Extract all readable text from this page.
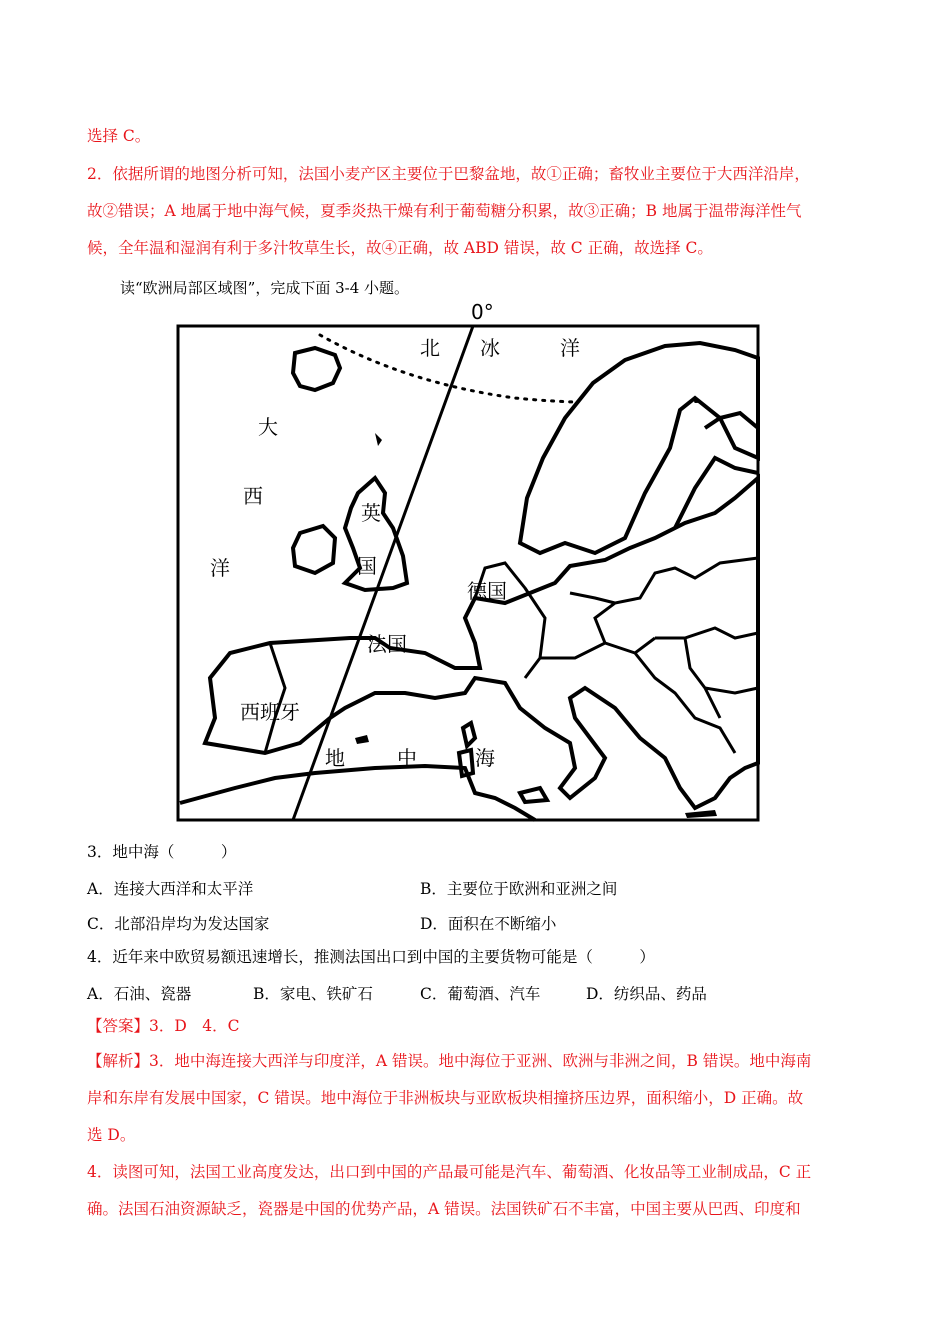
选择 C。
2．依据所谓的地图分析可知，法国小麦产区主要位于巴黎盆地，故①正确；畜牧业主要位于大西洋沿岸，
故②错误；A 地属于地中海气候，夏季炎热干燥有利于葡萄糖分积累，故③正确；B 地属于温带海洋性气
候，全年温和湿润有利于多汁牧草生长，故④正确，故 ABD 错误，故 C 正确，故选择 C。
读“欧洲局部区域图”，完成下面 3-4 小题。
0°
北 冰	洋
大
西
洋
英
国
德国
法国
西班牙
地	中	海
3．地中海（　　　）
A．连接大西洋和太平洋	B．主要位于欧洲和亚洲之间
C．北部沿岸均为发达国家	D．面积在不断缩小
4．近年来中欧贸易额迅速增长，推测法国出口到中国的主要货物可能是（　　　）
A．石油、瓷器	B．家电、铁矿石	C．葡萄酒、汽车	D．纺织品、药品
【答案】3．D　4．C
【解析】3．地中海连接大西洋与印度洋，A 错误。地中海位于亚洲、欧洲与非洲之间，B 错误。地中海南
岸和东岸有发展中国家，C 错误。地中海位于非洲板块与亚欧板块相撞挤压边界，面积缩小，D 正确。故
选 D。
4．读图可知，法国工业高度发达，出口到中国的产品最可能是汽车、葡萄酒、化妆品等工业制成品，C 正
确。法国石油资源缺乏，瓷器是中国的优势产品，A 错误。法国铁矿石不丰富，中国主要从巴西、印度和
